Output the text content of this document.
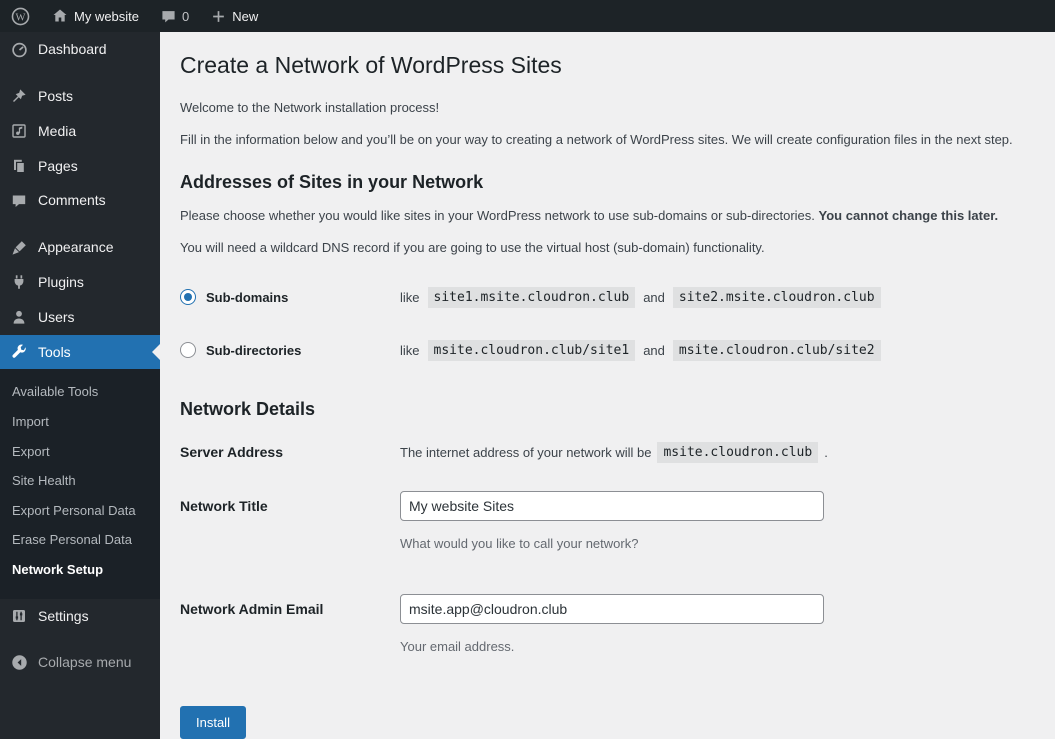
W	My website	0	New
Dashboard
Posts
Media
Pages
Comments
Appearance
Plugins
Users
Tools
Available Tools
Import
Export
Site Health
Export Personal Data
Erase Personal Data
Network Setup
Settings
Collapse menu
Create a Network of WordPress Sites

Welcome to the Network installation process!

Fill in the information below and you’ll be on your way to creating a network of WordPress sites. We will create configuration files in the next step.

Addresses of Sites in your Network

Please choose whether you would like sites in your WordPress network to use sub-domains or sub-directories. You cannot change this later.

You will need a wildcard DNS record if you are going to use the virtual host (sub-domain) functionality.

Sub-domains	like	site1.msite.cloudron.club	and	site2.msite.cloudron.club
Sub-directories	like	msite.cloudron.club/site1	and	msite.cloudron.club/site2
Network Details
Server Address	The internet address of your network will be msite.cloudron.club .
Network Title
My website Sites

What would you like to call your network?

Network Admin Email
msite.app@cloudron.club

Your email address.

Install
